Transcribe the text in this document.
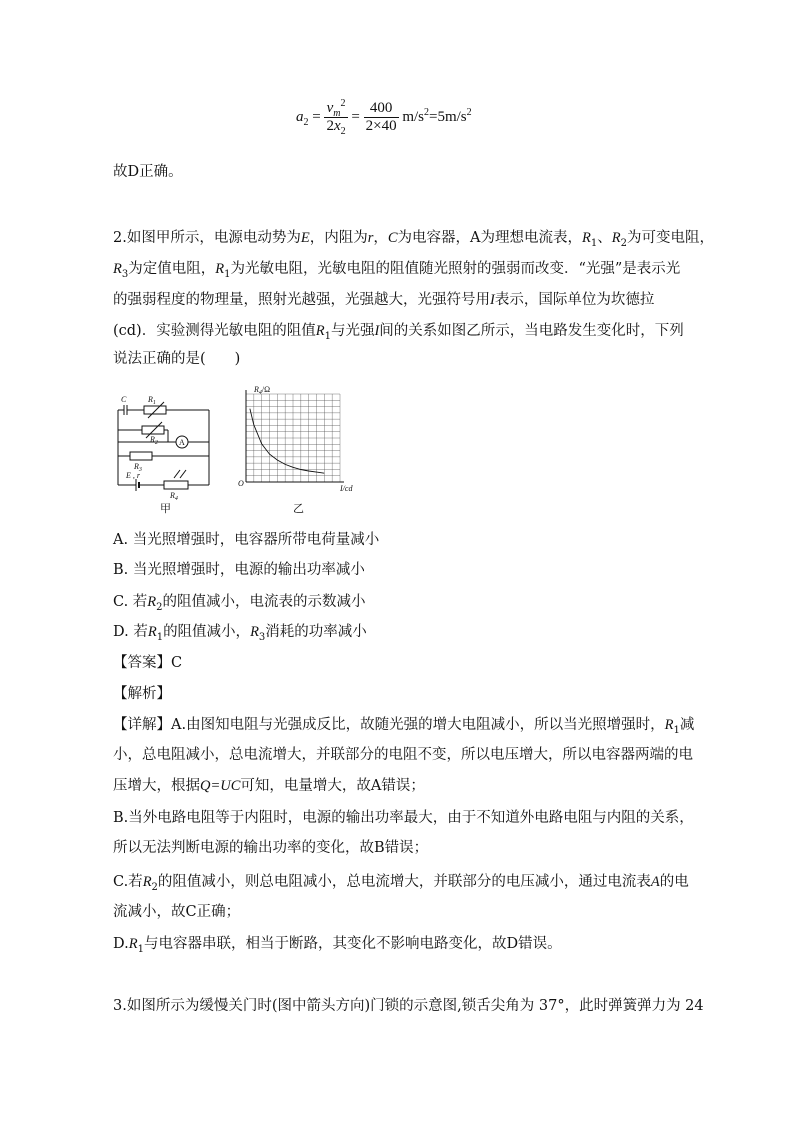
$a_2 = \frac{v_m^2}{2x_2} = \frac{400}{2\times 40} m/s^2=5m/s^2$
故D正确。
2.如图甲所示，电源电动势为E，内阻为r，C为电容器，A为理想电流表，$R_1$、$R_2$为可变电阻，
$R_3$为定值电阻，$R_1$为光敏电阻，光敏电阻的阻值随光照射的强弱而改变．“光强”是表示光
的强弱程度的物理量，照射光越强，光强越大，光强符号用I表示，国际单位为坎德拉
(cd)．实验测得光敏电阻的阻值$R_1$与光强I间的关系如图乙所示，当电路发生变化时，下列
说法正确的是(　　)
C	$R_1$
$R_2$	A
$R_3$
E , r
$R_4$
甲
$R_4/\Omega$
O
I/cd
乙
A. 当光照增强时，电容器所带电荷量减小
B. 当光照增强时，电源的输出功率减小
C. 若$R_2$的阻值减小，电流表的示数减小
D. 若$R_1$的阻值减小，$R_3$消耗的功率减小
【答案】C
【解析】
【详解】A.由图知电阻与光强成反比，故随光强的增大电阻减小，所以当光照增强时，$R_1$减
小，总电阻减小，总电流增大，并联部分的电阻不变，所以电压增大，所以电容器两端的电
压增大，根据Q=UC可知，电量增大，故A错误；
B.当外电路电阻等于内阻时，电源的输出功率最大，由于不知道外电路电阻与内阻的关系，
所以无法判断电源的输出功率的变化，故B错误；
C.若$R_2$的阻值减小，则总电阻减小，总电流增大，并联部分的电压减小，通过电流表A的电
流减小，故C正确；
$D.R_1$与电容器串联，相当于断路，其变化不影响电路变化，故D错误。
3.如图所示为缓慢关门时(图中箭头方向)门锁的示意图,锁舌尖角为 37°，此时弹簧弹力为 24
